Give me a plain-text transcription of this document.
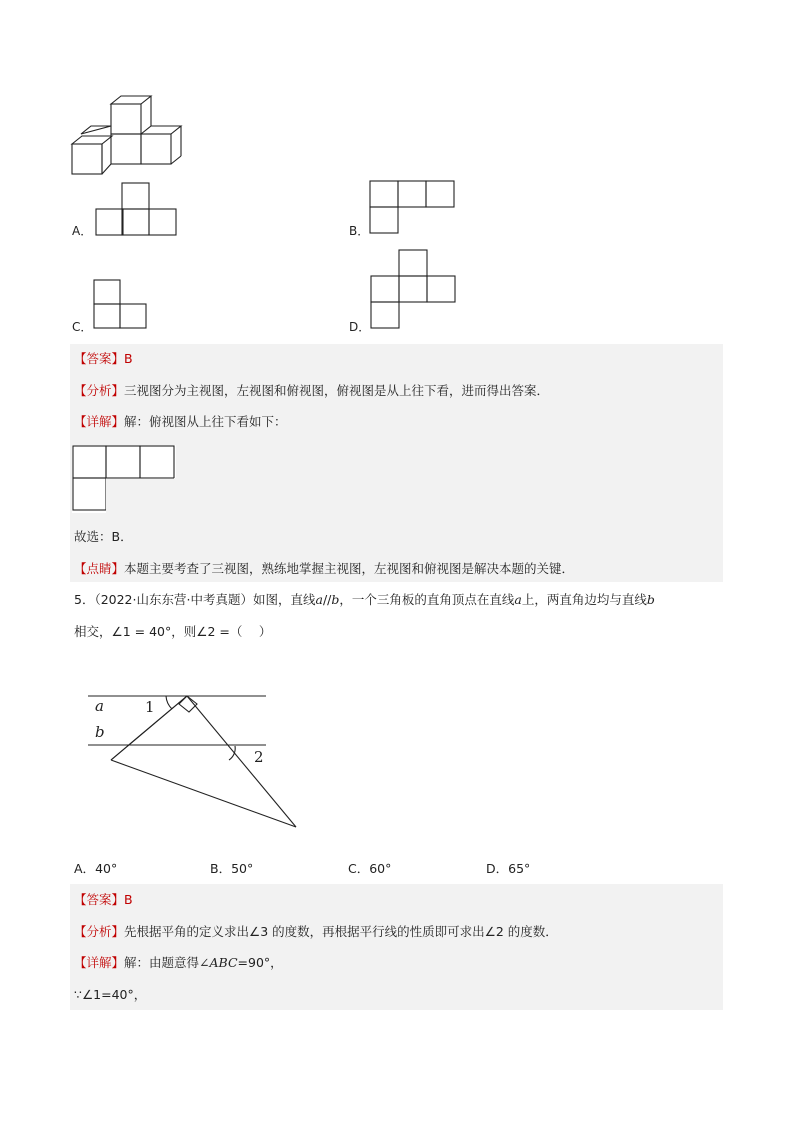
A．	B．
C．	D．
【答案】B
【分析】三视图分为主视图，左视图和俯视图，俯视图是从上往下看，进而得出答案．
【详解】解：俯视图从上往下看如下：
故选：B．
【点睛】本题主要考查了三视图，熟练地掌握主视图，左视图和俯视图是解决本题的关键．
5．（2022·山东东营·中考真题）如图，直线a//b，一个三角板的直角顶点在直线a上，两直角边均与直线b
相交，∠1 = 40°，则∠2 =（　 ）
a
b
1
2
A．40°	B．50°	C．60°	D．65°
【答案】B
【分析】先根据平角的定义求出∠3 的度数，再根据平行线的性质即可求出∠2 的度数．
【详解】解：由题意得∠ABC=90°，
∵∠1=40°，
